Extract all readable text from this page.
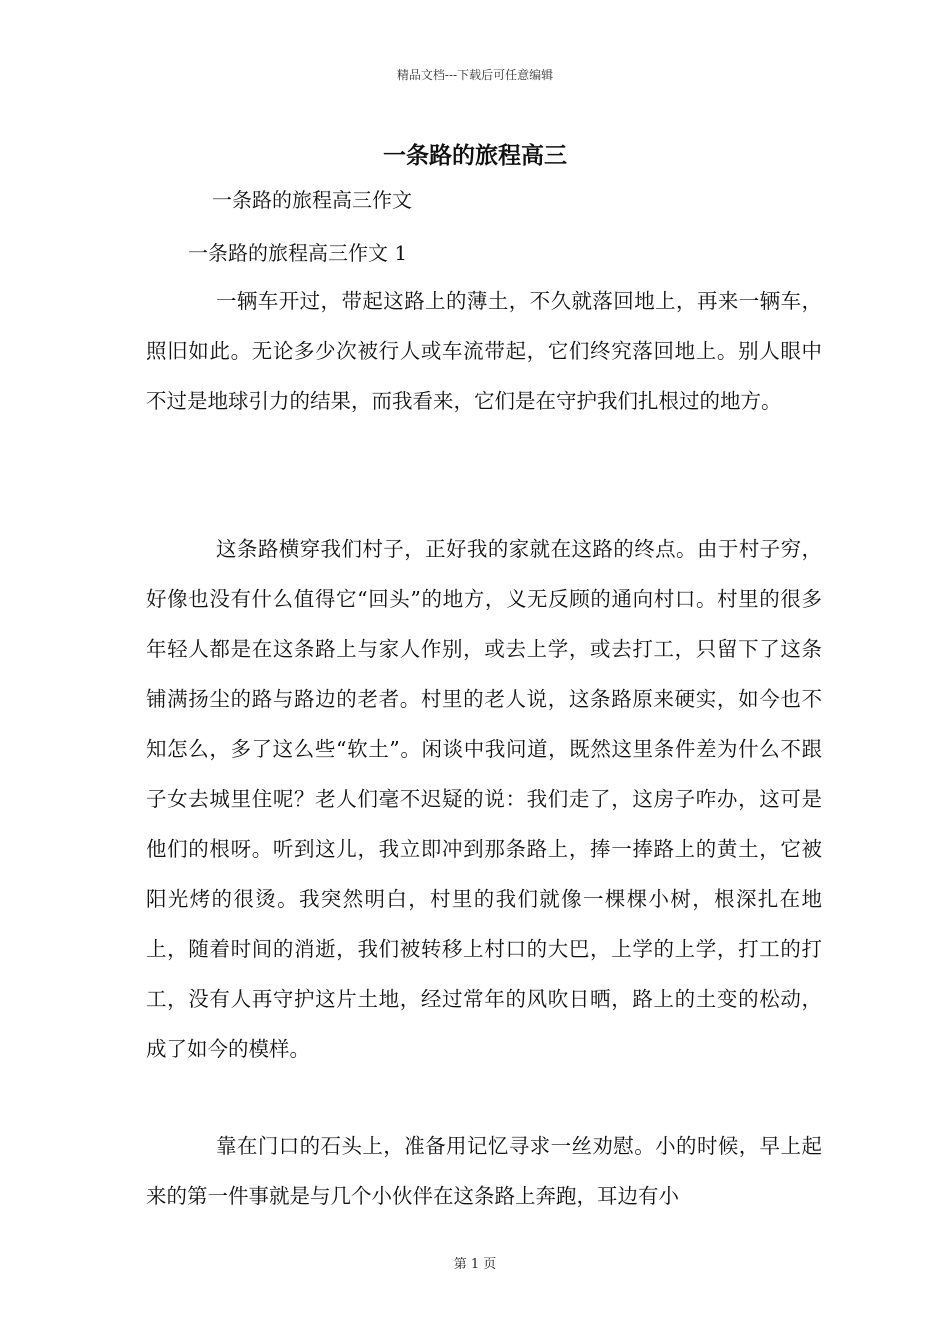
精品文档---下载后可任意编辑
一条路的旅程高三
一条路的旅程高三作文
一条路的旅程高三作文 1

一辆车开过，带起这路上的薄土，不久就落回地上，再来一辆车，照旧如此。无论多少次被行人或车流带起，它们终究落回地上。别人眼中不过是地球引力的结果，而我看来，它们是在守护我们扎根过的地方。

这条路横穿我们村子，正好我的家就在这路的终点。由于村子穷，好像也没有什么值得它“回头”的地方，义无反顾的通向村口。村里的很多年轻人都是在这条路上与家人作别，或去上学，或去打工，只留下了这条铺满扬尘的路与路边的老者。村里的老人说，这条路原来硬实，如今也不知怎么，多了这么些“软土”。闲谈中我问道，既然这里条件差为什么不跟子女去城里住呢？老人们毫不迟疑的说：我们走了，这房子咋办，这可是他们的根呀。听到这儿，我立即冲到那条路上，捧一捧路上的黄土，它被阳光烤的很烫。我突然明白，村里的我们就像一棵棵小树，根深扎在地上，随着时间的消逝，我们被转移上村口的大巴，上学的上学，打工的打工，没有人再守护这片土地，经过常年的风吹日晒，路上的土变的松动，成了如今的模样。

靠在门口的石头上，准备用记忆寻求一丝劝慰。小的时候，早上起来的第一件事就是与几个小伙伴在这条路上奔跑，耳边有小

第 1 页
